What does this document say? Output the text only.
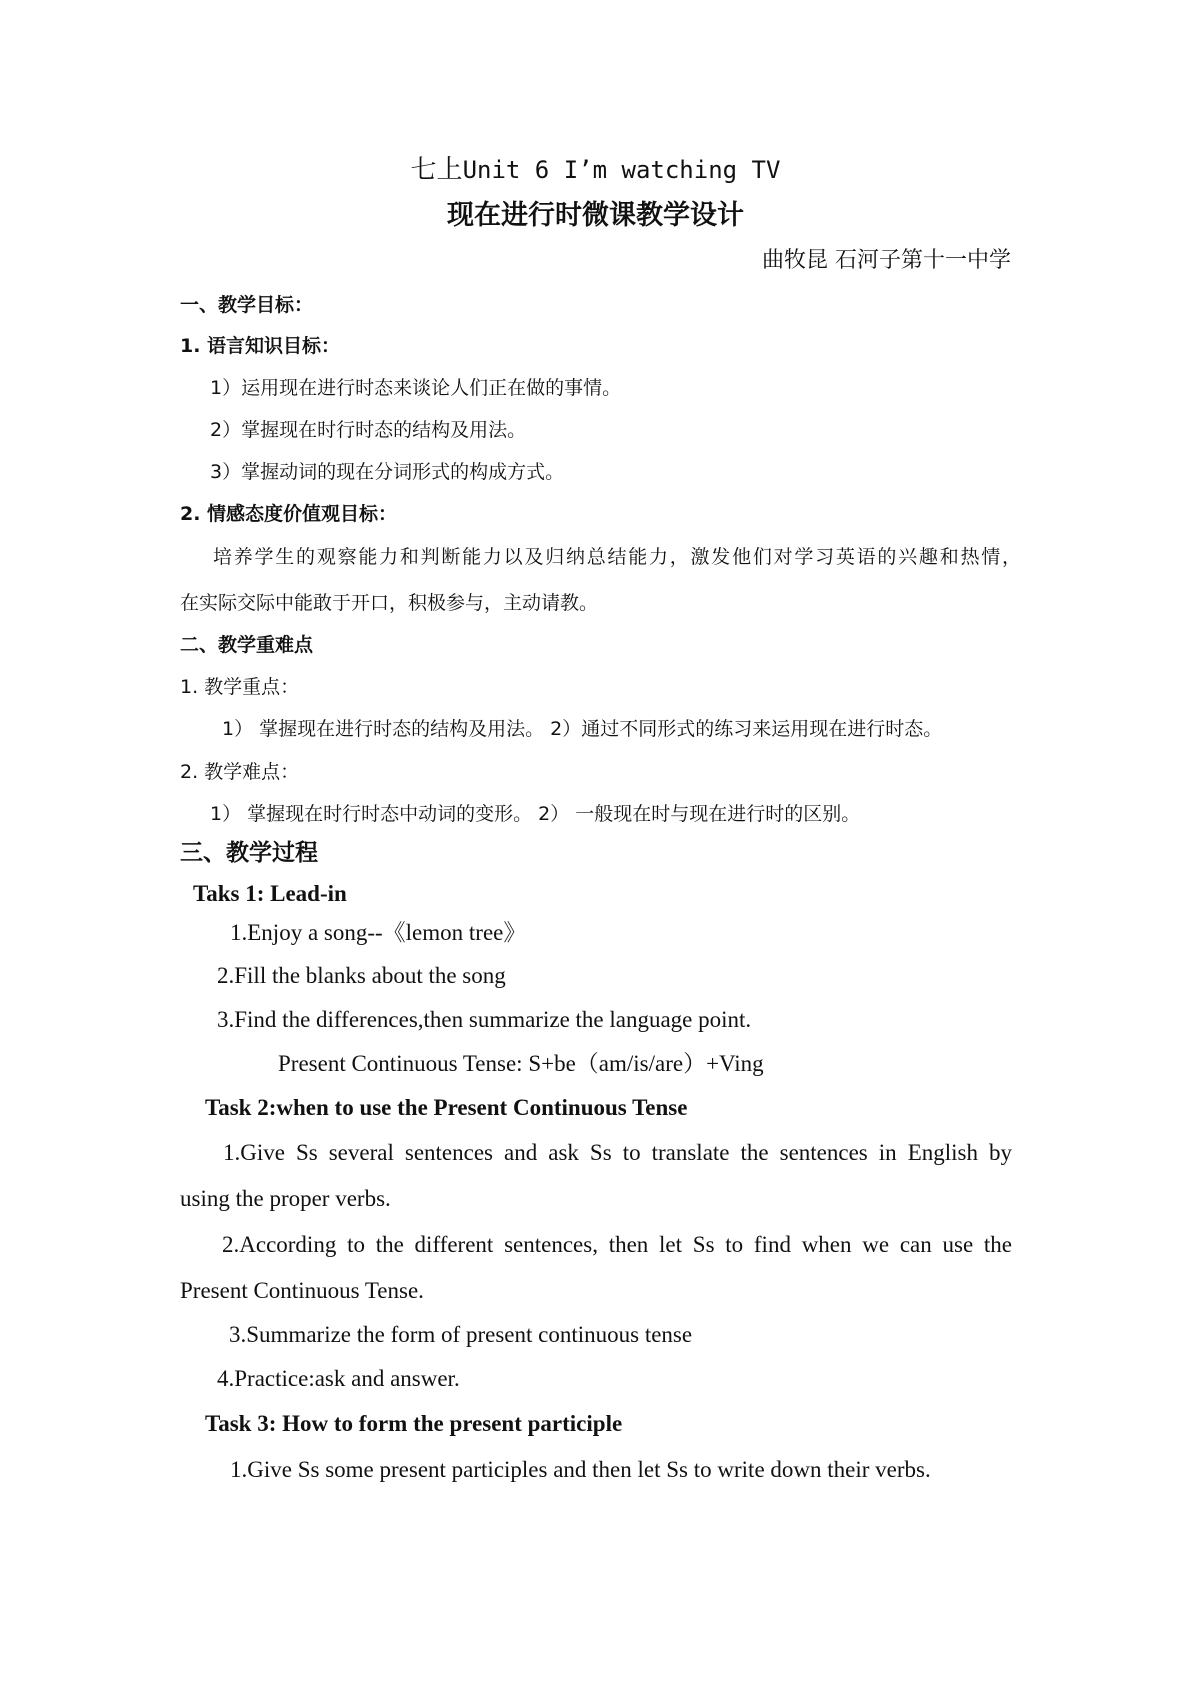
七上Unit 6 I’m watching TV
现在进行时微课教学设计
曲牧昆 石河子第十一中学
一、教学目标：
1. 语言知识目标：
1）运用现在进行时态来谈论人们正在做的事情。
2）掌握现在时行时态的结构及用法。
3）掌握动词的现在分词形式的构成方式。
2. 情感态度价值观目标：
培养学生的观察能力和判断能力以及归纳总结能力，激发他们对学习英语的兴趣和热情，
在实际交际中能敢于开口，积极参与，主动请教。
二、教学重难点
1. 教学重点：
1） 掌握现在进行时态的结构及用法。 2）通过不同形式的练习来运用现在进行时态。
2. 教学难点：
1） 掌握现在时行时态中动词的变形。 2） 一般现在时与现在进行时的区别。
三、教学过程
Taks 1: Lead-in
1.Enjoy a song--《lemon tree》
2.Fill the blanks about the song
3.Find the differences,then summarize the language point.
Present Continuous Tense: S+be（am/is/are）+Ving
Task 2:when to use the Present Continuous Tense
1.Give Ss several sentences and ask Ss to translate the sentences in English by
using the proper verbs.
2.According to the different sentences, then let Ss to find when we can use the
Present Continuous Tense.
3.Summarize the form of present continuous tense
4.Practice:ask and answer.
Task 3: How to form the present participle
1.Give Ss some present participles and then let Ss to write down their verbs.
